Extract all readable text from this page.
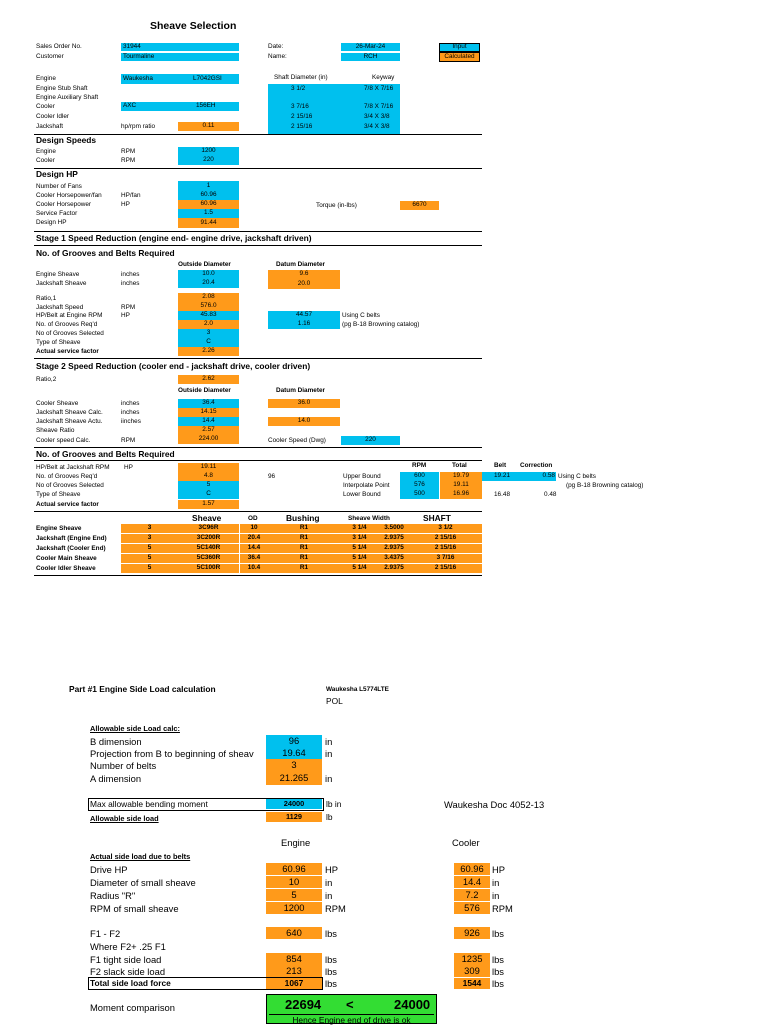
Sheave Selection
Sales Order No.	31944
Customer	Tourmaline
Date:	26-Mar-24
Name:	RCH
Input
Calculated
Shaft Diameter (in)	Keyway
Engine	Waukesha	L7042GSI
Engine Stub Shaft	3 1/2	7/8 X 7/16
Engine Auxiliary Shaft
Cooler	AXC	156EH	3 7/16	7/8 X 7/16
Cooler Idler	2 15/16	3/4 X 3/8
Jackshaft	hp/rpm ratio	0.11	2 15/16	3/4 X 3/8
Design Speeds
Engine	RPM	1200
Cooler	RPM	220
Design HP
Number of Fans	1
Cooler Horsepower/fan	HP/fan	60.96
Cooler Horsepower	HP	60.96	Torque (in-lbs)	6670
Service Factor	1.5
Design HP	91.44
Stage 1 Speed Reduction (engine end- engine drive, jackshaft driven)
No. of Grooves and Belts Required
Outside Diameter	Datum Diameter
Engine Sheave	inches	10.0	9.6
Jackshaft Sheave	inches	20.4	20.0
Ratio,1	2.08
Jackshaft Speed	RPM	576.0
HP/Belt at Engine RPM	HP	45.83	44.57	Using C belts
No. of Grooves Req'd	2.0	1.16	(pg B-18 Browning catalog)
No of Grooves Selected	3
Type of Sheave	C
Actual service factor	2.26
Stage 2 Speed Reduction (cooler end - jackshaft drive, cooler driven)
Ratio,2	2.62
Outside Diameter	Datum Diameter
Cooler Sheave	inches	36.4	36.0
Jackshaft Sheave Calc.	inches	14.15
Jackshaft Sheave Actu.	iinches	14.4	14.0
Sheave Ratio	2.57
Cooler speed Calc.	RPM	224.00	Cooler Speed (Dwg)	220
No. of Grooves and Belts Required
RPM	Total	Belt Correction
HP/Belt at Jackshaft RPM HP	19.11
No. of Grooves Req'd	4.8	96	Upper Bound	600	19.79	19.21	0.58 Using C belts
No of Grooves Selected	5	Interpolate Point	576	19.11	(pg B-18 Browning catalog)
Type of Sheave	C	Lower Bound	500	16.96	16.48	0.48
Actual service factor	1.57
Sheave	OD	Bushing	Sheave Width	SHAFT
Engine Sheave	3	3C96R	10	R1	3 1/4	3.5000	3 1/2
Jackshaft (Engine End)	3	3C200R	20.4	R1	3 1/4	2.9375	2 15/16
Jackshaft (Cooler End)	5	5C140R	14.4	R1	5 1/4	2.9375	2 15/16
Cooler Main Sheave	5	5C360R	36.4	R1	5 1/4	3.4375	3 7/16
Cooler Idler Sheave	5	5C100R	10.4	R1	5 1/4	2.9375	2 15/16
Part #1 Engine Side Load calculation	Waukesha L5774LTE
POL
Allowable side Load calc:
B dimension	96	in
Projection from B to beginning of sheav	19.64	in
Number of belts	3
A dimension	21.265	in
Max allowable bending moment	24000	lb in	Waukesha Doc 4052-13
Allowable side load	1129	lb
Engine	Cooler
Actual side load due to belts
Drive HP	60.96	HP	60.96 HP
Diameter of small sheave	10	in	14.4	in
Radius "R"	5	in	7.2	in
RPM of small sheave	1200	RPM	576	RPM
F1 - F2	640	lbs	926	lbs
Where F2+ .25 F1
F1 tight side load	854	lbs	1235	lbs
F2 slack side load	213	lbs	309	lbs
Total side load force	1067	lbs	1544	lbs
Moment comparison	22694 <	24000
Hence Engine end of drive is ok
